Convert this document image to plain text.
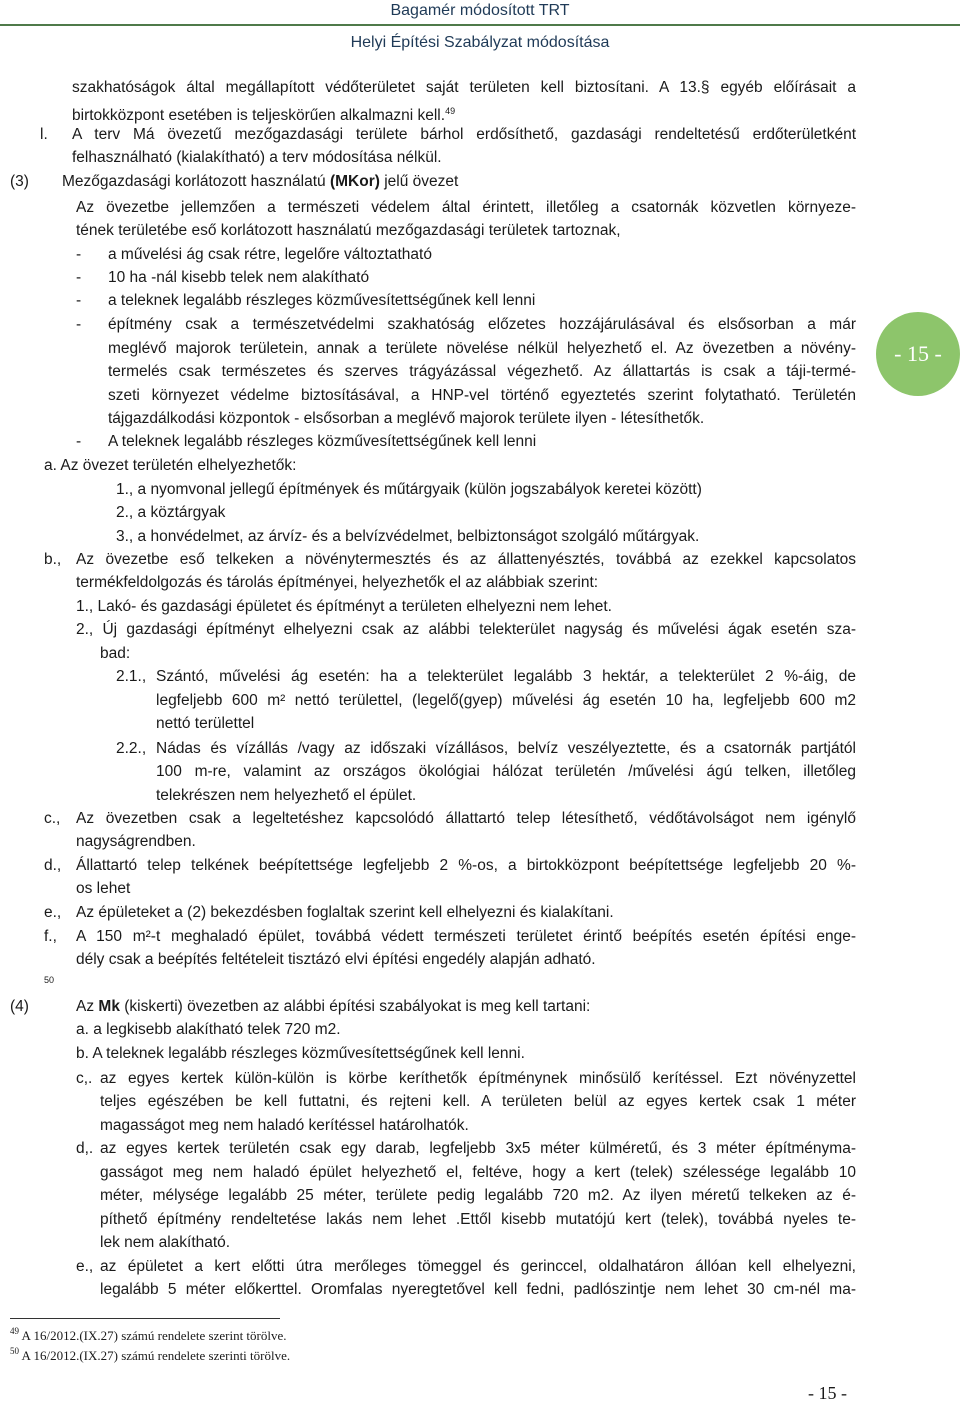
Bagamér módosított TRT
Helyi Építési Szabályzat módosítása
szakhatóságok által megállapított védőterületet saját területen kell biztosítani. A 13.§ egyéb előírásait a
birtokközpont esetében is teljeskörűen alkalmazni kell.$^{49}$
l. A terv Má övezetű mezőgazdasági területe bárhol erdősíthető, gazdasági rendeltetésű erdőterületként
felhasználható (kialakítható) a terv módosítása nélkül.
(3) Mezőgazdasági korlátozott használatú (MKor) jelű övezet
Az övezetbe jellemzően a természeti védelem által érintett, illetőleg a csatornák közvetlen környeze-
tének területébe eső korlátozott használatú mezőgazdasági területek tartoznak,
- a művelési ág csak rétre, legelőre változtatható
- 10 ha -nál kisebb telek nem alakítható
- a teleknek legalább részleges közművesítettségűnek kell lenni
- építmény csak a természetvédelmi szakhatóság előzetes hozzájárulásával és elsősorban a már
meglévő majorok területein, annak a területe növelése nélkül helyezhető el. Az övezetben a növény-
termelés csak természetes és szerves trágyázással végezhető. Az állattartás is csak a táji-termé-
szeti környezet védelme biztosításával, a HNP-vel történő egyeztetés szerint folytatható. Területén
tájgazdálkodási központok - elsősorban a meglévő majorok területe ilyen - létesíthetők.
- A teleknek legalább részleges közművesítettségűnek kell lenni
a. Az övezet területén elhelyezhetők:
1., a nyomvonal jellegű építmények és műtárgyaik (külön jogszabályok keretei között)
2., a köztárgyak
3., a honvédelmet, az árvíz- és a belvízvédelmet, belbiztonságot szolgáló műtárgyak.
b., Az övezetbe eső telkeken a növénytermesztés és az állattenyésztés, továbbá az ezekkel kapcsolatos
termékfeldolgozás és tárolás építményei, helyezhetők el az alábbiak szerint:
1., Lakó- és gazdasági épületet és építményt a területen elhelyezni nem lehet.
2., Új gazdasági építményt elhelyezni csak az alábbi telekterület nagyság és művelési ágak esetén sza-
bad:
2.1., Szántó, művelési ág esetén: ha a telekterület legalább 3 hektár, a telekterület 2 %-áig, de
legfeljebb 600 m² nettó területtel, (legelő(gyep) művelési ág esetén 10 ha, legfeljebb 600 m2
nettó területtel
2.2., Nádas és vízállás /vagy az időszaki vízállásos, belvíz veszélyeztette, és a csatornák partjától
100 m-re, valamint az országos ökológiai hálózat területén /művelési ágú telken, illetőleg
telekrészen nem helyezhető el épület.
c., Az övezetben csak a legeltetéshez kapcsolódó állattartó telep létesíthető, védőtávolságot nem igénylő
nagyságrendben.
d., Állattartó telep telkének beépítettsége legfeljebb 2 %-os, a birtokközpont beépítettsége legfeljebb 20 %-
os lehet
e., Az épületeket a (2) bekezdésben foglaltak szerint kell elhelyezni és kialakítani.
f., A 150 m²-t meghaladó épület, továbbá védett természeti területet érintő beépítés esetén építési enge-
dély csak a beépítés feltételeit tisztázó elvi építési engedély alapján adható.
50
(4)	Az Mk (kiskerti) övezetben az alábbi építési szabályokat is meg kell tartani:
a. a legkisebb alakítható telek 720 m2.
b. A teleknek legalább részleges közművesítettségűnek kell lenni.
c,. az egyes kertek külön-külön is körbe keríthetők építménynek minősülő kerítéssel. Ezt növényzettel
teljes egészében be kell futtatni, és rejteni kell. A területen belül az egyes kertek csak 1 méter
magasságot meg nem haladó kerítéssel határolhatók.
d,. az egyes kertek területén csak egy darab, legfeljebb 3x5 méter külméretű, és 3 méter építménymа-
gasságot meg nem haladó épület helyezhető el, feltéve, hogy a kert (telek) szélessége legalább 10
méter, mélysége legalább 25 méter, területe pedig legalább 720 m2. Az ilyen méretű telkeken az é-
píthető építmény rendeltetése lakás nem lehet .Ettől kisebb mutatójú kert (telek), továbbá nyeles te-
lek nem alakítható.
e., az épületet a kert előtti útra merőleges tömeggel és gerinccel, oldalhatáron állóan kell elhelyezni,
legalább 5 méter előkerttel. Oromfalas nyeregtetővel kell fedni, padlószintje nem lehet 30 cm-nél ma-
$^{49}$ A 16/2012.(IX.27) számú rendelete szerint törölve.
$^{50}$ A 16/2012.(IX.27) számú rendelete szerinti törölve.
- 15 -
- 15 -
